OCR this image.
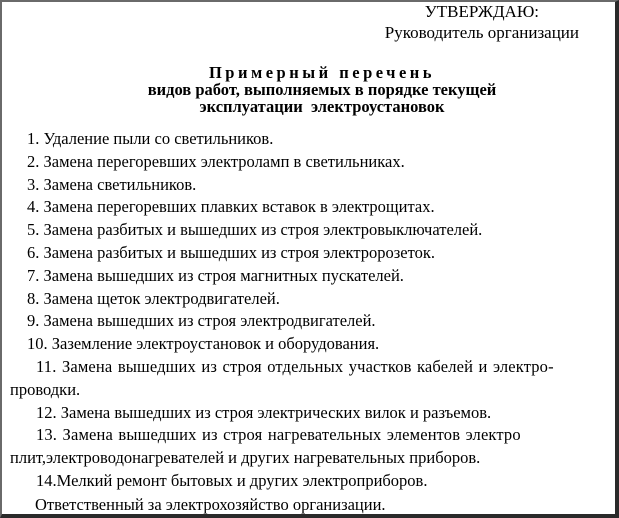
УТВЕРЖДАЮ:
Руководитель организации
Примерный перечень
видов работ, выполняемых в порядке текущей
эксплуатации  электроустановок
1. Удаление пыли со светильников.
2. Замена перегоревших электроламп в светильниках.
3. Замена светильников.
4. Замена перегоревших плавких вставок в электрощитах.
5. Замена разбитых и вышедших из строя электровыключателей.
6. Замена разбитых и вышедших из строя электророзеток.
7. Замена вышедших из строя магнитных пускателей.
8. Замена щеток электродвигателей.
9. Замена вышедших из строя электродвигателей.
10. Заземление электроустановок и оборудования.
11. Замена вышедших из строя отдельных участков кабелей и электро-
проводки.
12. Замена вышедших из строя электрических вилок и разъемов.
13. Замена вышедших из строя нагревательных элементов электро
плит,электроводонагревателей и других нагревательных приборов.
14.Мелкий ремонт бытовых и других электроприборов.
Ответственный за электрохозяйство организации.
